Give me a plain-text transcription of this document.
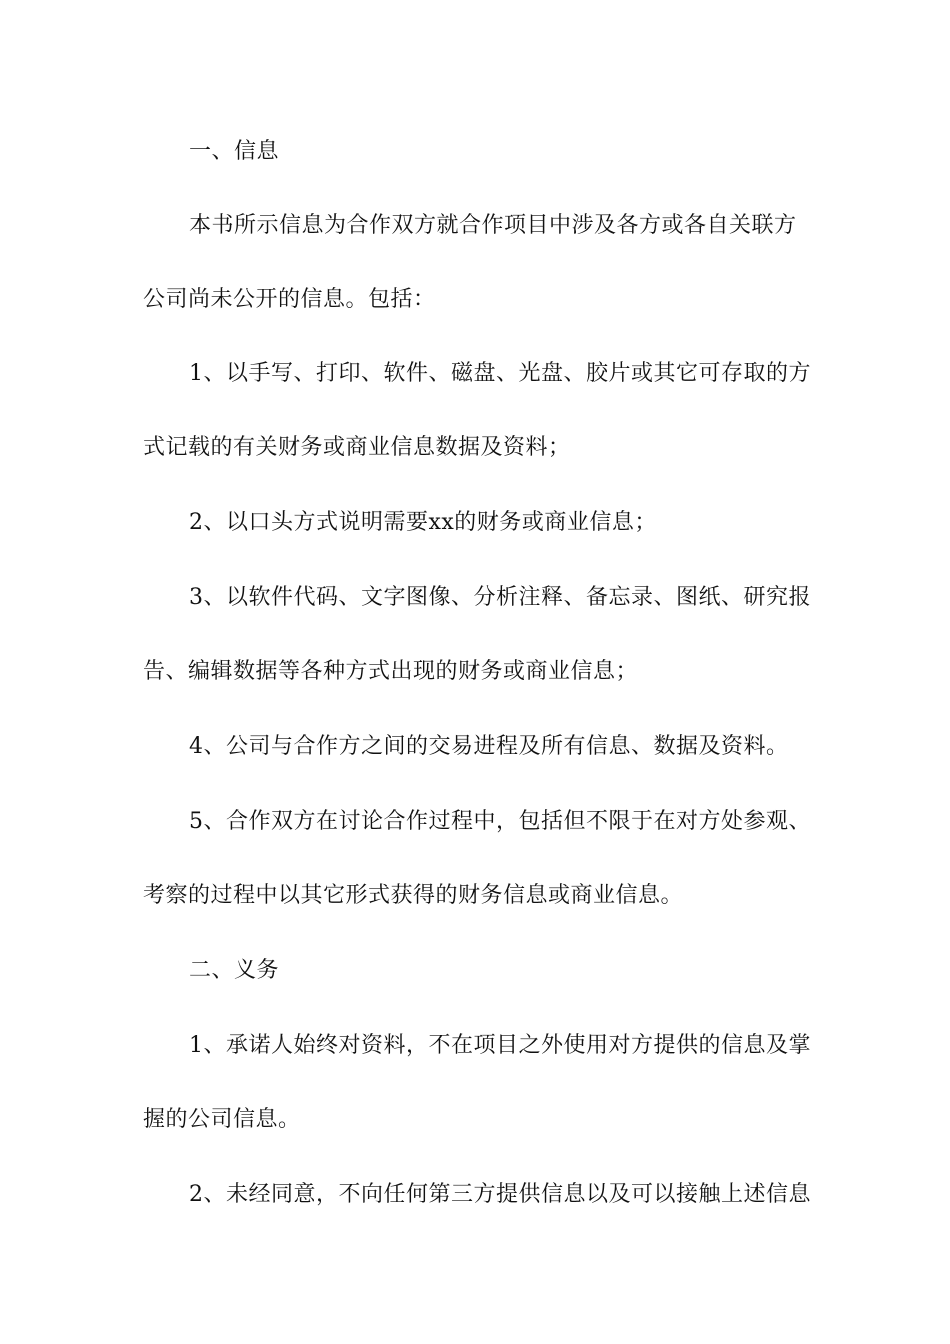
一、信息
本书所示信息为合作双方就合作项目中涉及各方或各自关联方
公司尚未公开的信息。包括：
1、以手写、打印、软件、磁盘、光盘、胶片或其它可存取的方
式记载的有关财务或商业信息数据及资料；
2、以口头方式说明需要xx的财务或商业信息；
3、以软件代码、文字图像、分析注释、备忘录、图纸、研究报
告、编辑数据等各种方式出现的财务或商业信息；
4、公司与合作方之间的交易进程及所有信息、数据及资料。
5、合作双方在讨论合作过程中，包括但不限于在对方处参观、
考察的过程中以其它形式获得的财务信息或商业信息。
二、义务
1、承诺人始终对资料，不在项目之外使用对方提供的信息及掌
握的公司信息。
2、未经同意，不向任何第三方提供信息以及可以接触上述信息
